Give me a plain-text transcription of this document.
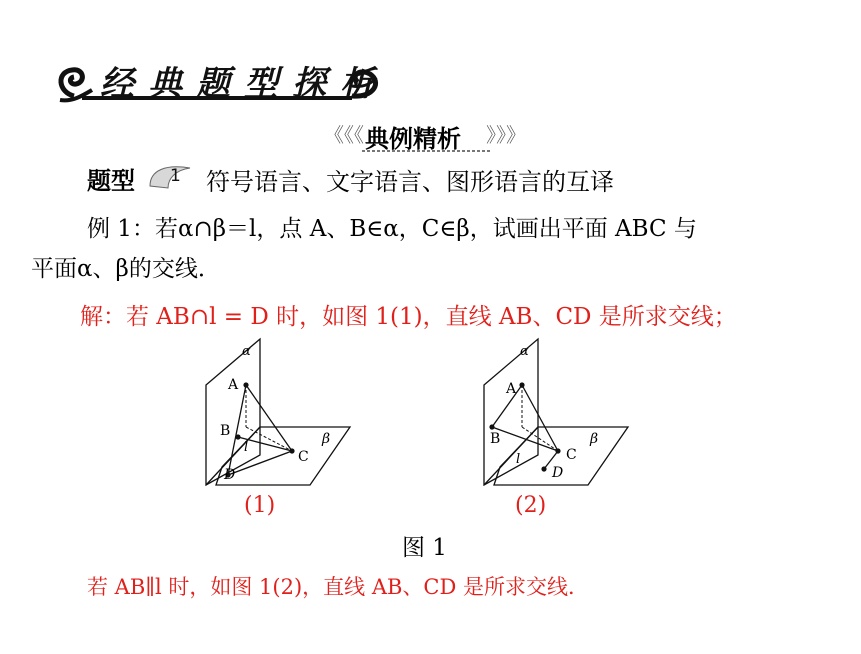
经典题型探析
《《《	》》》
典例精析
题型 1 符号语言、文字语言、图形语言的互译
例 1：若α∩β＝l，点 A、B∈α，C∈β，试画出平面 ABC 与
平面α、β的交线．
解：若 AB∩l = D 时，如图 1(1)，直线 AB、CD 是所求交线；
α
A
B
l
C
D
β
α
A
B
l	C
D
β
(1)	(2)
图 1
若 AB∥l 时，如图 1(2)，直线 AB、CD 是所求交线．
